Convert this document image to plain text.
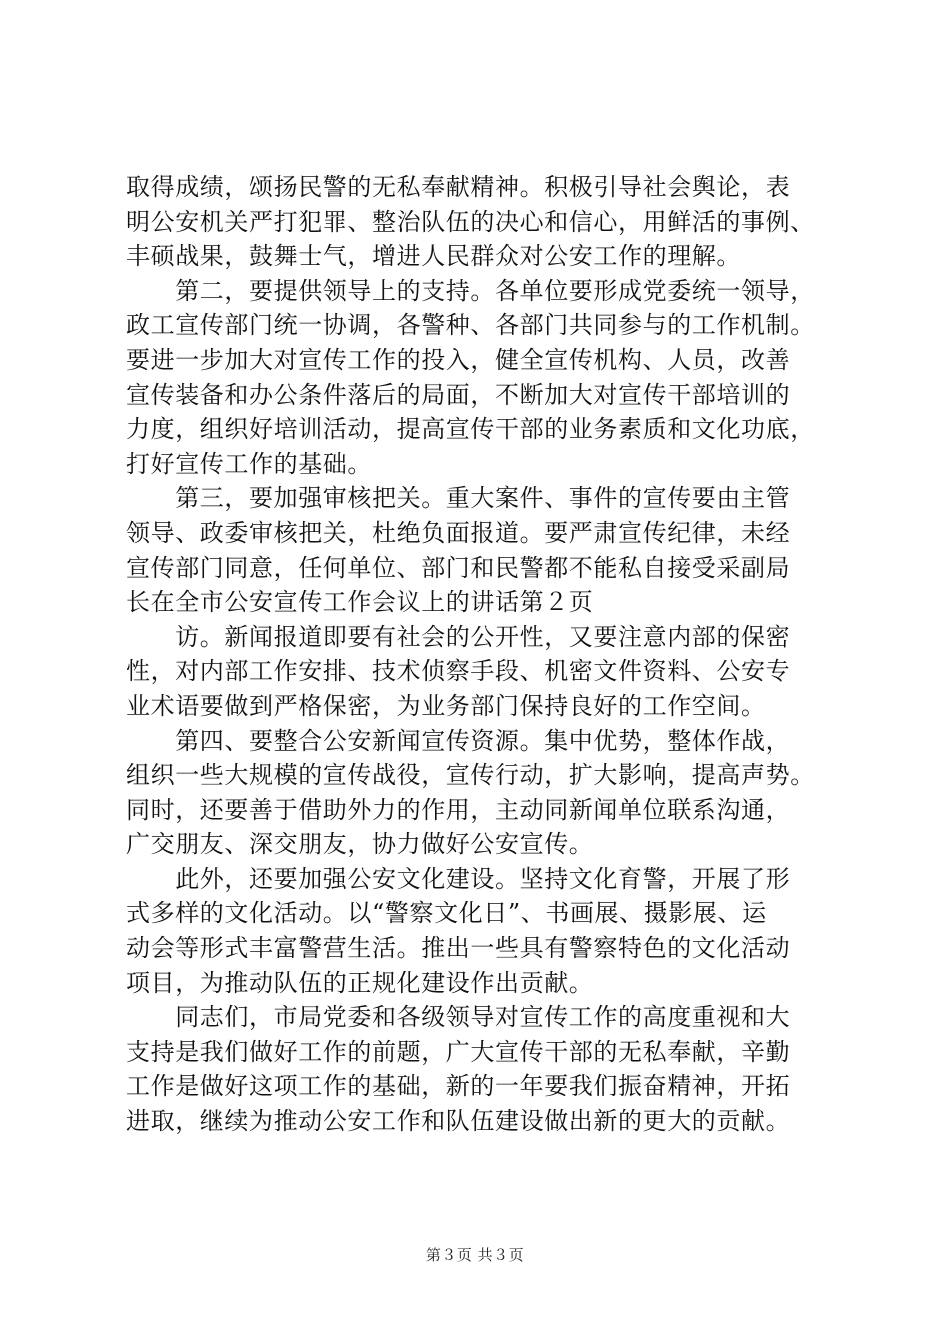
取得成绩，颂扬民警的无私奉献精神。积极引导社会舆论，表
明公安机关严打犯罪、整治队伍的决心和信心，用鲜活的事例、
丰硕战果，鼓舞士气，增进人民群众对公安工作的理解。
　　第二，要提供领导上的支持。各单位要形成党委统一领导，
政工宣传部门统一协调，各警种、各部门共同参与的工作机制。
要进一步加大对宣传工作的投入，健全宣传机构、人员，改善
宣传装备和办公条件落后的局面，不断加大对宣传干部培训的
力度，组织好培训活动，提高宣传干部的业务素质和文化功底，
打好宣传工作的基础。
　　第三，要加强审核把关。重大案件、事件的宣传要由主管
领导、政委审核把关，杜绝负面报道。要严肃宣传纪律，未经
宣传部门同意，任何单位、部门和民警都不能私自接受采副局
长在全市公安宣传工作会议上的讲话第２页
　　访。新闻报道即要有社会的公开性，又要注意内部的保密
性，对内部工作安排、技术侦察手段、机密文件资料、公安专
业术语要做到严格保密，为业务部门保持良好的工作空间。
　　第四、要整合公安新闻宣传资源。集中优势，整体作战，
组织一些大规模的宣传战役，宣传行动，扩大影响，提高声势。
同时，还要善于借助外力的作用，主动同新闻单位联系沟通，
广交朋友、深交朋友，协力做好公安宣传。
　　此外，还要加强公安文化建设。坚持文化育警，开展了形
式多样的文化活动。以“警察文化日”、书画展、摄影展、运
动会等形式丰富警营生活。推出一些具有警察特色的文化活动
项目，为推动队伍的正规化建设作出贡献。
　　同志们，市局党委和各级领导对宣传工作的高度重视和大
支持是我们做好工作的前题，广大宣传干部的无私奉献，辛勤
工作是做好这项工作的基础，新的一年要我们振奋精神，开拓
进取，继续为推动公安工作和队伍建设做出新的更大的贡献。
第３页 共３页
